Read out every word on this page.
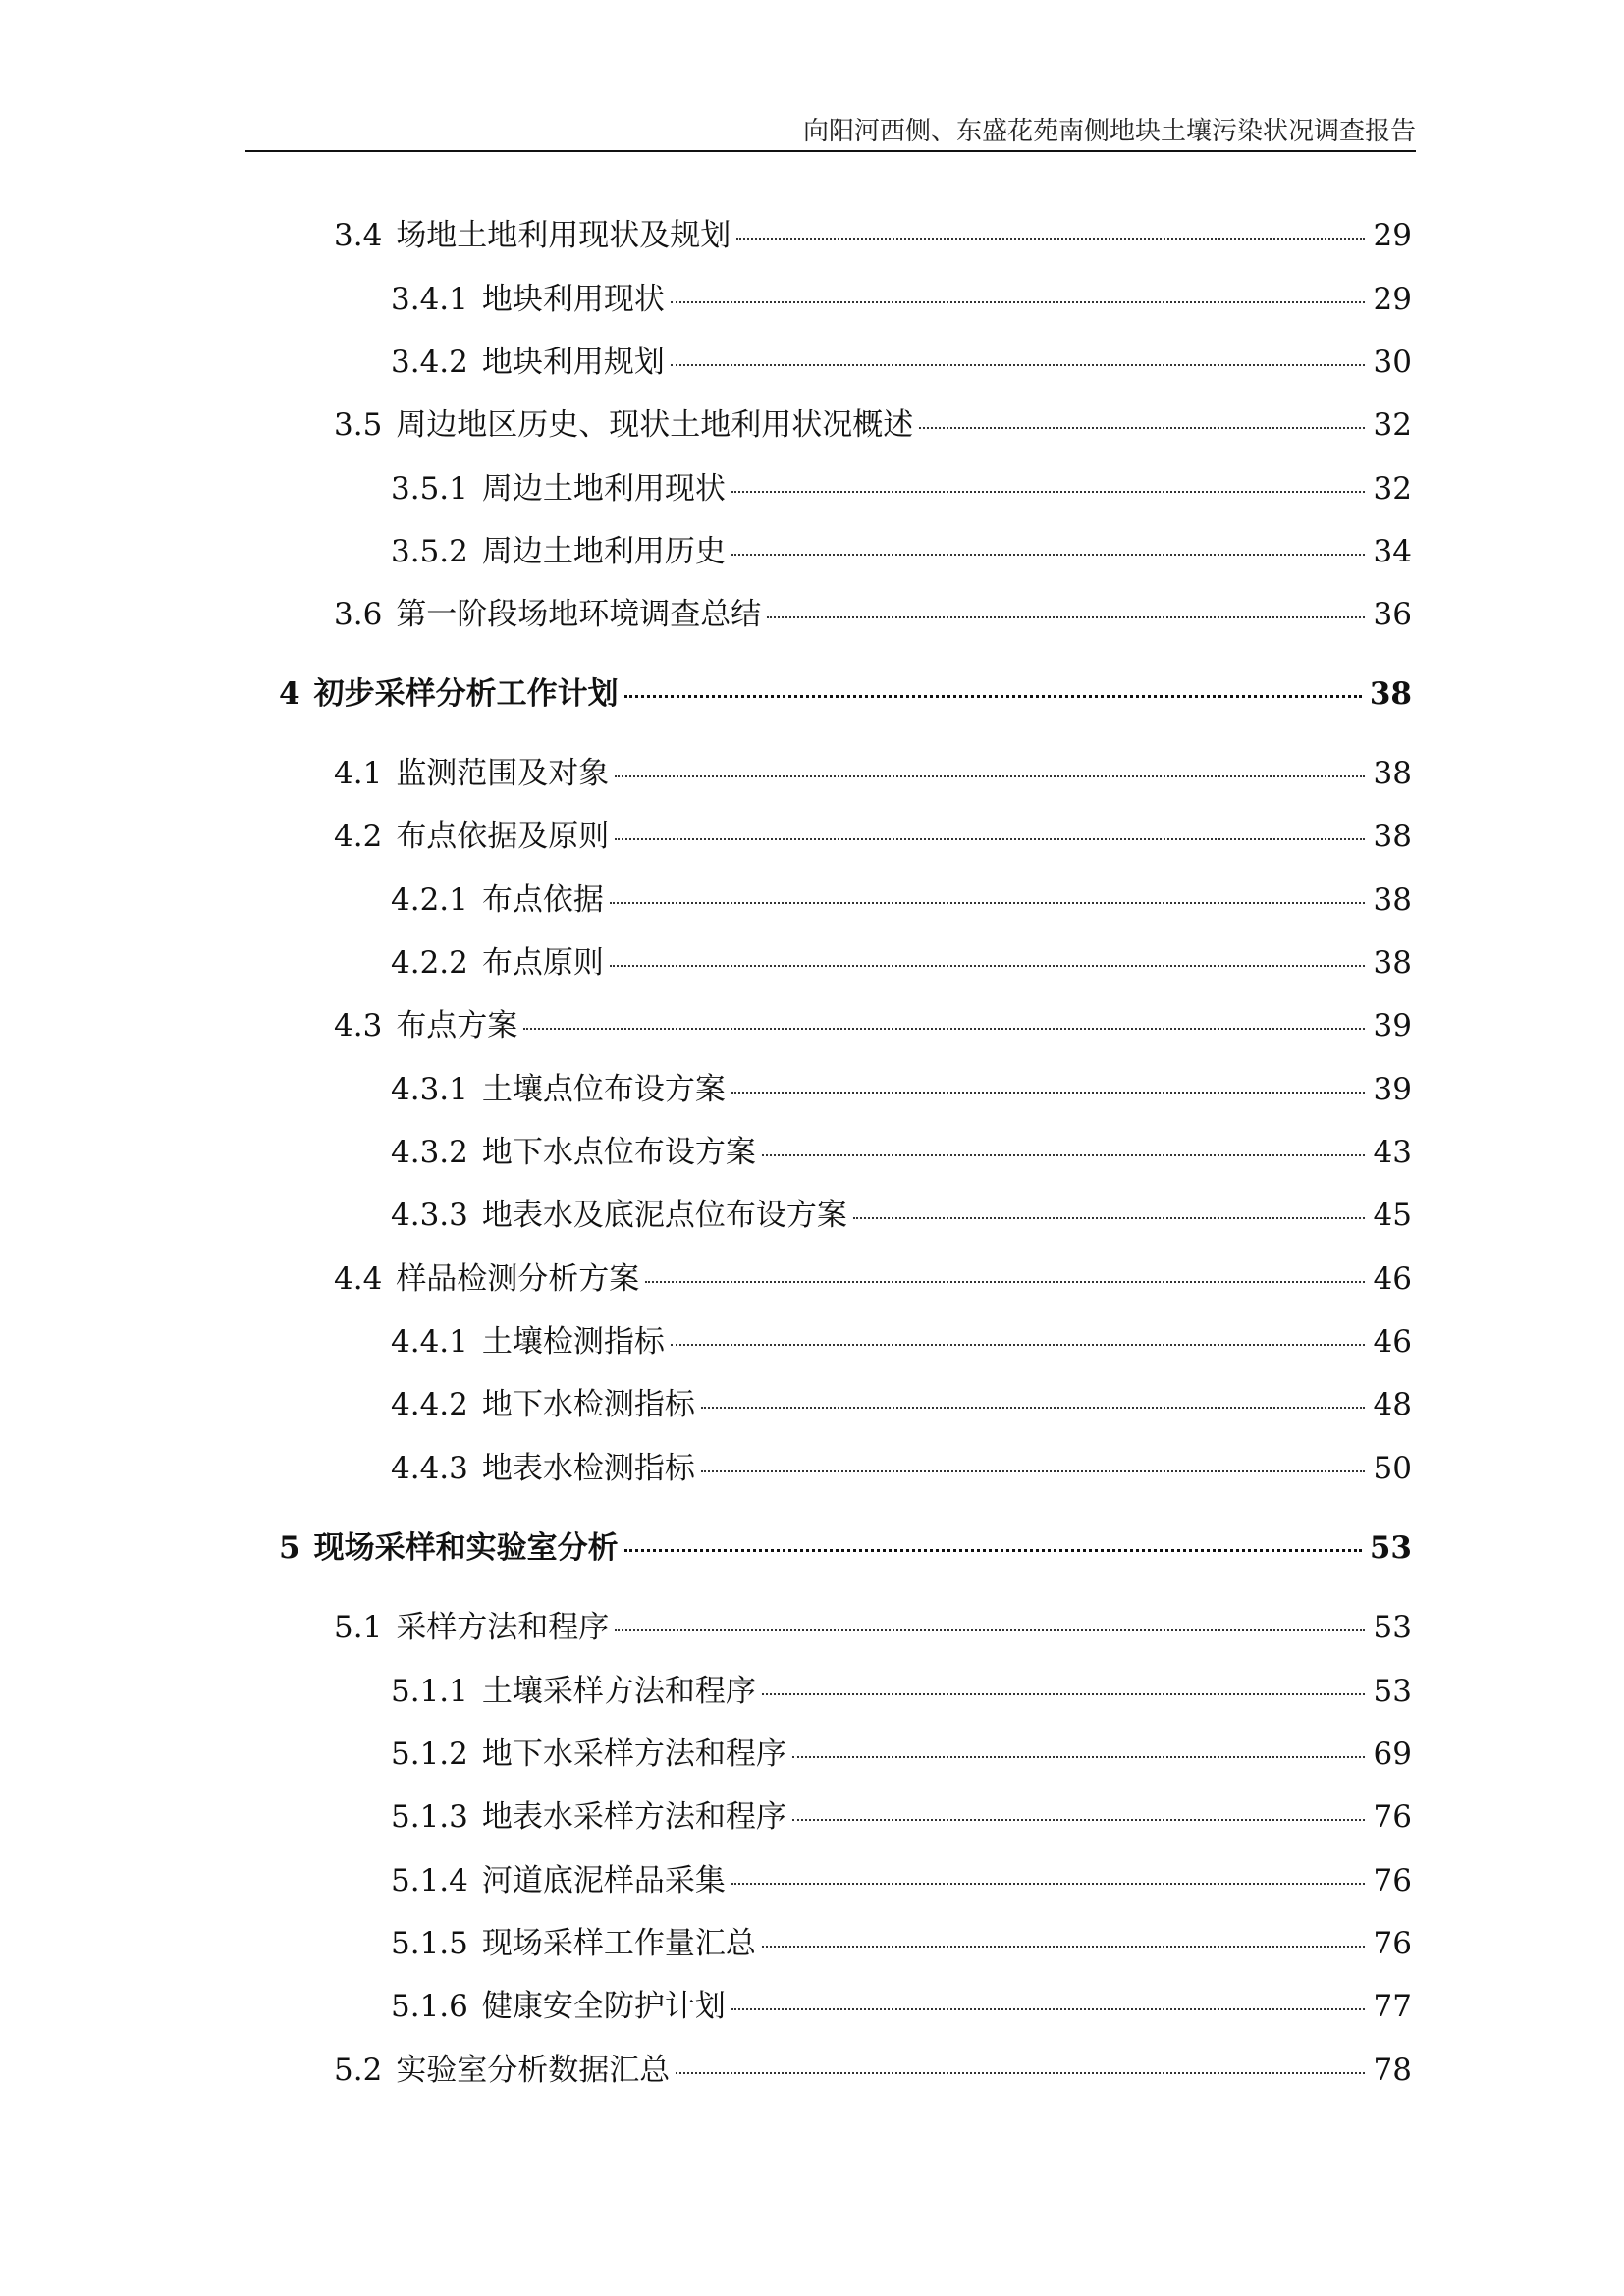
向阳河西侧、东盛花苑南侧地块土壤污染状况调查报告
3.4 场地土地利用现状及规划	29
3.4.1 地块利用现状	29
3.4.2 地块利用规划	30
3.5 周边地区历史、现状土地利用状况概述	32
3.5.1 周边土地利用现状	32
3.5.2 周边土地利用历史	34
3.6 第一阶段场地环境调查总结	36
4 初步采样分析工作计划	38
4.1 监测范围及对象	38
4.2 布点依据及原则	38
4.2.1 布点依据	38
4.2.2 布点原则	38
4.3 布点方案	39
4.3.1 土壤点位布设方案	39
4.3.2 地下水点位布设方案	43
4.3.3 地表水及底泥点位布设方案	45
4.4 样品检测分析方案	46
4.4.1 土壤检测指标	46
4.4.2 地下水检测指标	48
4.4.3 地表水检测指标	50
5 现场采样和实验室分析	53
5.1 采样方法和程序	53
5.1.1 土壤采样方法和程序	53
5.1.2 地下水采样方法和程序	69
5.1.3 地表水采样方法和程序	76
5.1.4 河道底泥样品采集	76
5.1.5 现场采样工作量汇总	76
5.1.6 健康安全防护计划	77
5.2 实验室分析数据汇总	78
